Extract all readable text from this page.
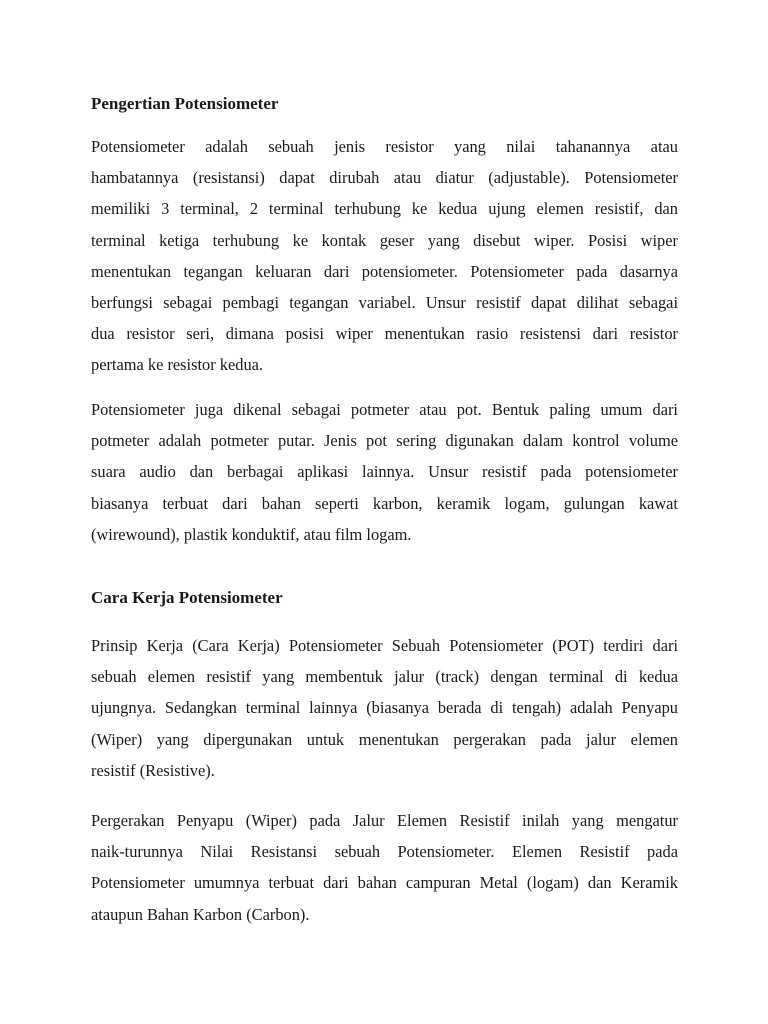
Pengertian Potensiometer
Potensiometer adalah sebuah jenis resistor yang nilai tahanannya atau
hambatannya (resistansi) dapat dirubah atau diatur (adjustable). Potensiometer
memiliki 3 terminal, 2 terminal terhubung ke kedua ujung elemen resistif, dan
terminal ketiga terhubung ke kontak geser yang disebut wiper. Posisi wiper
menentukan tegangan keluaran dari potensiometer. Potensiometer pada dasarnya
berfungsi sebagai pembagi tegangan variabel. Unsur resistif dapat dilihat sebagai
dua resistor seri, dimana posisi wiper menentukan rasio resistensi dari resistor
pertama ke resistor kedua.
Potensiometer juga dikenal sebagai potmeter atau pot. Bentuk paling umum dari
potmeter adalah potmeter putar. Jenis pot sering digunakan dalam kontrol volume
suara audio dan berbagai aplikasi lainnya. Unsur resistif pada potensiometer
biasanya terbuat dari bahan seperti karbon, keramik logam, gulungan kawat
(wirewound), plastik konduktif, atau film logam.
Cara Kerja Potensiometer
Prinsip Kerja (Cara Kerja) Potensiometer Sebuah Potensiometer (POT) terdiri dari
sebuah elemen resistif yang membentuk jalur (track) dengan terminal di kedua
ujungnya. Sedangkan terminal lainnya (biasanya berada di tengah) adalah Penyapu
(Wiper) yang dipergunakan untuk menentukan pergerakan pada jalur elemen
resistif (Resistive).
Pergerakan Penyapu (Wiper) pada Jalur Elemen Resistif inilah yang mengatur
naik-turunnya Nilai Resistansi sebuah Potensiometer. Elemen Resistif pada
Potensiometer umumnya terbuat dari bahan campuran Metal (logam) dan Keramik
ataupun Bahan Karbon (Carbon).
